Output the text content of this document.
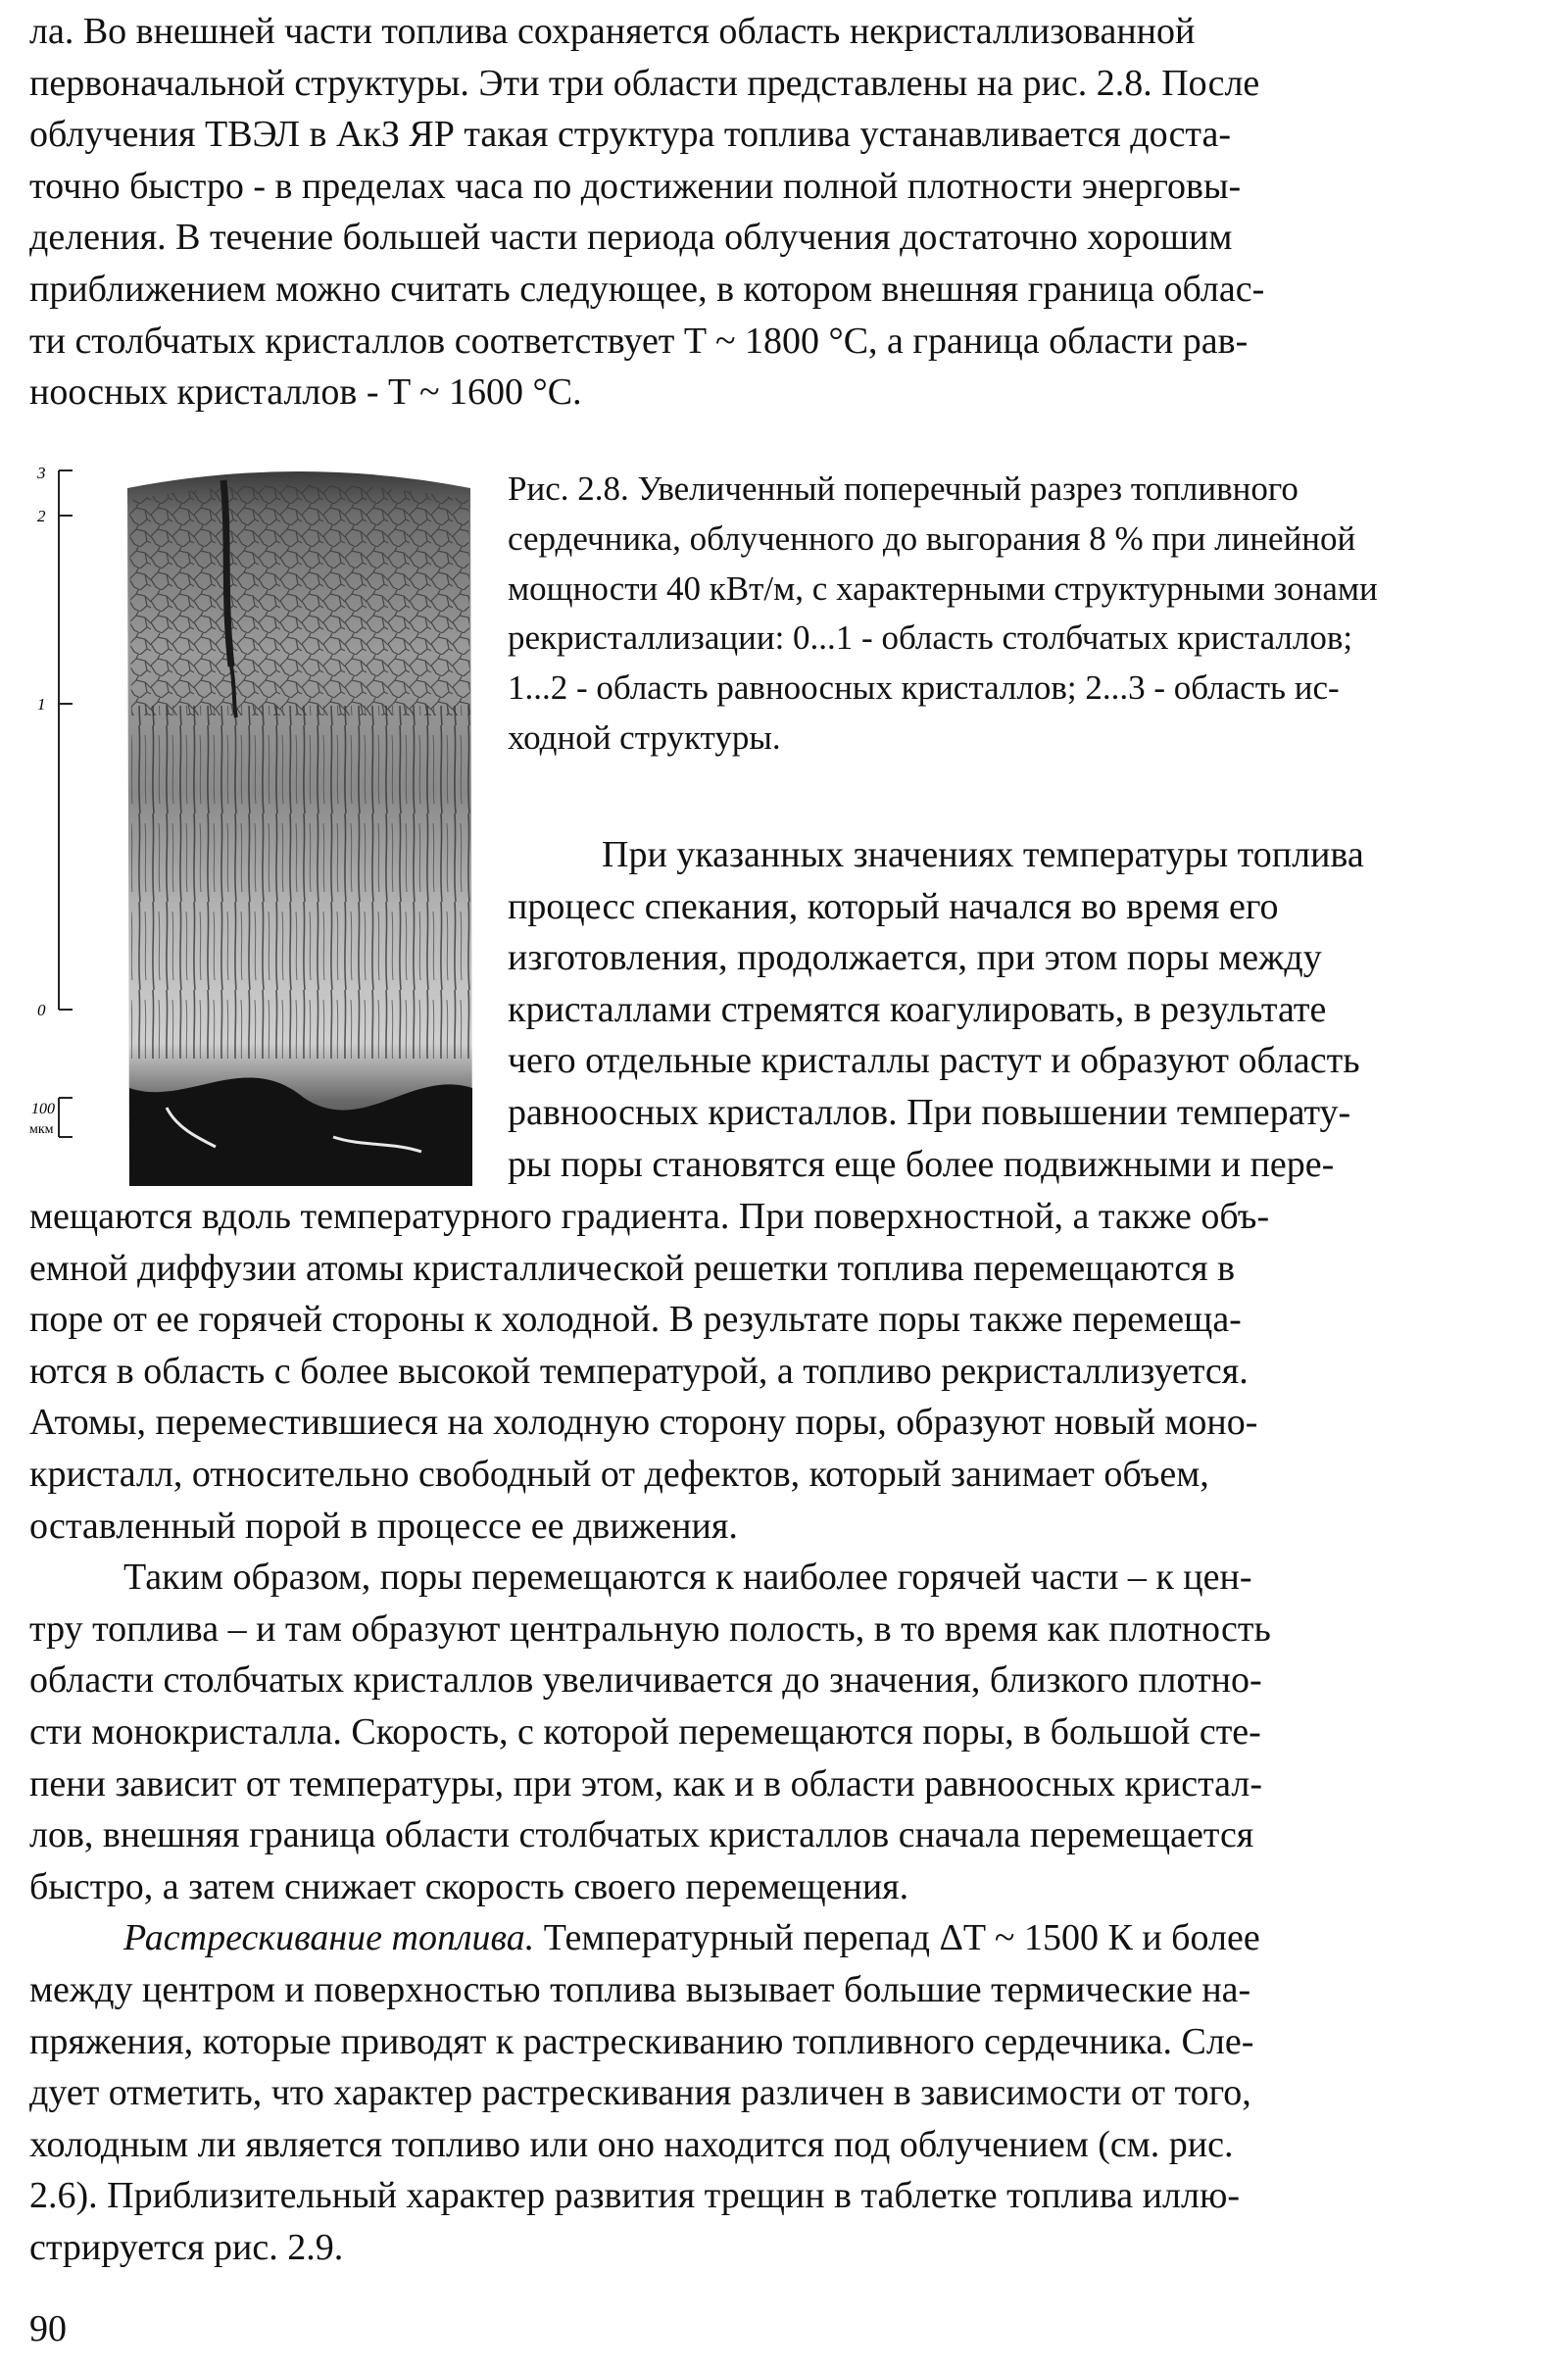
ла. Во внешней части топлива сохраняется область некристаллизованной
первоначальной структуры. Эти три области представлены на рис. 2.8. После
облучения ТВЭЛ в АкЗ ЯР такая структура топлива устанавливается доста-
точно быстро - в пределах часа по достижении полной плотности энерговы-
деления. В течение большей части периода облучения достаточно хорошим
приближением можно считать следующее, в котором внешняя граница облас-
ти столбчатых кристаллов соответствует T ~ 1800 °C, а граница области рав-
ноосных кристаллов - T ~ 1600 °C.
3
2
1
0
100
мкм
Рис. 2.8. Увеличенный поперечный разрез топливного
сердечника, облученного до выгорания 8 % при линейной
мощности 40 кВт/м, с характерными структурными зонами
рекристаллизации: 0...1 - область столбчатых кристаллов;
1...2 - область равноосных кристаллов; 2...3 - область ис-
ходной структуры.
При указанных значениях температуры топлива
процесс спекания, который начался во время его
изготовления, продолжается, при этом поры между
кристаллами стремятся коагулировать, в результате
чего отдельные кристаллы растут и образуют область
равноосных кристаллов. При повышении температу-
ры поры становятся еще более подвижными и пере-
мещаются вдоль температурного градиента. При поверхностной, а также объ-
емной диффузии атомы кристаллической решетки топлива перемещаются в
поре от ее горячей стороны к холодной. В результате поры также перемеща-
ются в область с более высокой температурой, а топливо рекристаллизуется.
Атомы, переместившиеся на холодную сторону поры, образуют новый моно-
кристалл, относительно свободный от дефектов, который занимает объем,
оставленный порой в процессе ее движения.
Таким образом, поры перемещаются к наиболее горячей части – к цен-
тру топлива – и там образуют центральную полость, в то время как плотность
области столбчатых кристаллов увеличивается до значения, близкого плотно-
сти монокристалла. Скорость, с которой перемещаются поры, в большой сте-
пени зависит от температуры, при этом, как и в области равноосных кристал-
лов, внешняя граница области столбчатых кристаллов сначала перемещается
быстро, а затем снижает скорость своего перемещения.
Растрескивание топлива. Температурный перепад ΔT ~ 1500 К и более
между центром и поверхностью топлива вызывает большие термические на-
пряжения, которые приводят к растрескиванию топливного сердечника. Сле-
дует отметить, что характер растрескивания различен в зависимости от того,
холодным ли является топливо или оно находится под облучением (см. рис.
2.6). Приблизительный характер развития трещин в таблетке топлива иллю-
стрируется рис. 2.9.
90
